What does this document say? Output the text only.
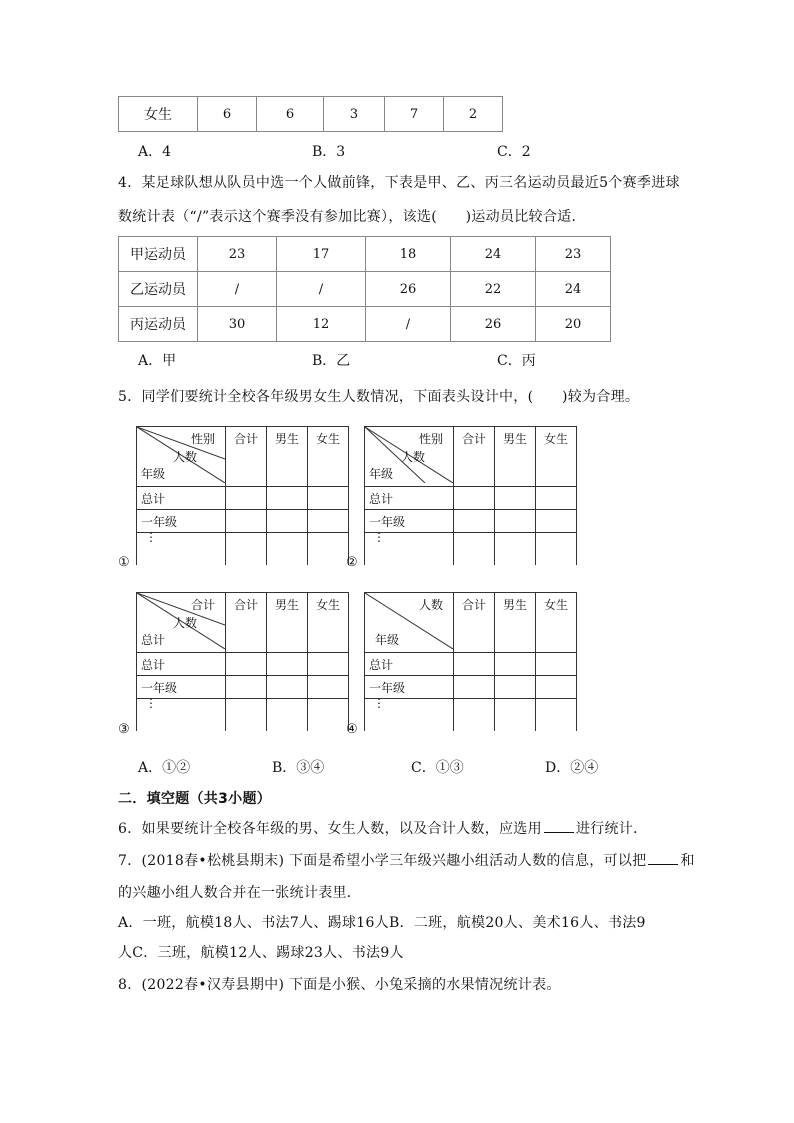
女生	6	6	3	7	2
A．4	B．3	C．2
4．某足球队想从队员中选一个人做前锋，下表是甲、乙、丙三名运动员最近5个赛季进球
数统计表（“/”表示这个赛季没有参加比赛），该选(　　)运动员比较合适．
甲运动员	23	17	18	24	23
乙运动员	/	/	26	22	24
丙运动员	30	12	/	26	20
A．甲	B．乙	C．丙
5．同学们要统计全校各年级男女生人数情况，下面表头设计中，(　　)较为合理。
①
性别
人数
年级	合计	男生	女生
总计			
一年级			
⋮			
②
性别
人数
年级	合计	男生	女生
总计			
一年级			
⋮			
③
合计
人数
总计	合计	男生	女生
总计			
一年级			
⋮			
④
人数
年级	合计	男生	女生
总计			
一年级			
⋮			
A．①②	B．③④	C．①③	D．②④
二．填空题（共3小题）
6．如果要统计全校各年级的男、女生人数，以及合计人数，应选用 进行统计．
7．(2018春•松桃县期末) 下面是希望小学三年级兴趣小组活动人数的信息，可以把 和
的兴趣小组人数合并在一张统计表里．
A．一班，航模18人、书法7人、踢球16人B．二班，航模20人、美术16人、书法9
人C．三班，航模12人、踢球23人、书法9人
8．(2022春•汉寿县期中) 下面是小猴、小兔采摘的水果情况统计表。
